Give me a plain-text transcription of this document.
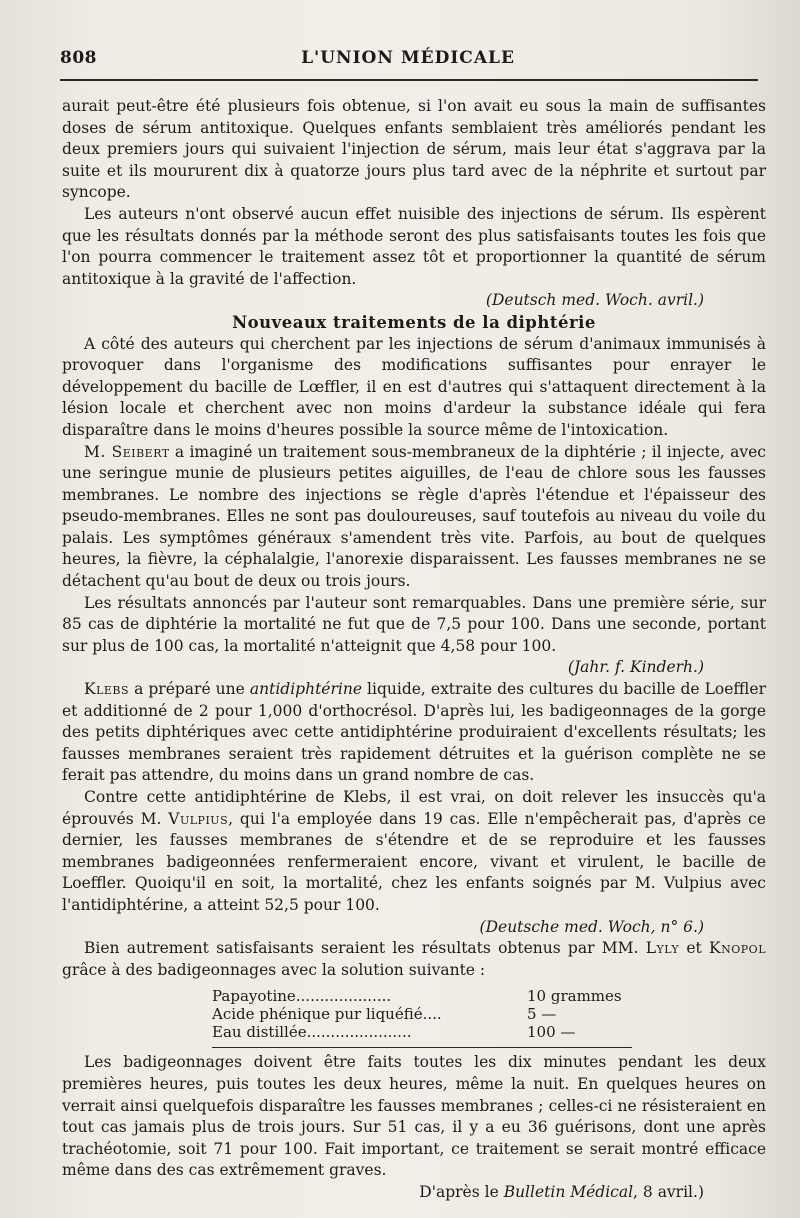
808	L'UNION MÉDICALE

aurait peut-être été plusieurs fois obtenue, si l'on avait eu sous la main de suffisantes doses de sérum antitoxique. Quelques enfants semblaient très améliorés pendant les deux premiers jours qui suivaient l'injection de sérum, mais leur état s'aggrava par la suite et ils moururent dix à quatorze jours plus tard avec de la néphrite et surtout par syncope.

Les auteurs n'ont observé aucun effet nuisible des injections de sérum. Ils espèrent que les résultats donnés par la méthode seront des plus satisfaisants toutes les fois que l'on pourra commencer le traitement assez tôt et proportionner la quantité de sérum antitoxique à la gravité de l'affection.

(Deutsch med. Woch. avril.)

Nouveaux traitements de la diphtérie

A côté des auteurs qui cherchent par les injections de sérum d'animaux immunisés à provoquer dans l'organisme des modifications suffisantes pour enrayer le développement du bacille de Lœffler, il en est d'autres qui s'attaquent directement à la lésion locale et cherchent avec non moins d'ardeur la substance idéale qui fera disparaître dans le moins d'heures possible la source même de l'intoxication.

M. Seibert a imaginé un traitement sous-membraneux de la diphtérie ; il injecte, avec une seringue munie de plusieurs petites aiguilles, de l'eau de chlore sous les fausses membranes. Le nombre des injections se règle d'après l'étendue et l'épaisseur des pseudo-membranes. Elles ne sont pas douloureuses, sauf toutefois au niveau du voile du palais. Les symptômes généraux s'amendent très vite. Parfois, au bout de quelques heures, la fièvre, la céphalalgie, l'anorexie disparaissent. Les fausses membranes ne se détachent qu'au bout de deux ou trois jours.

Les résultats annoncés par l'auteur sont remarquables. Dans une première série, sur 85 cas de diphtérie la mortalité ne fut que de 7,5 pour 100. Dans une seconde, portant sur plus de 100 cas, la mortalité n'atteignit que 4,58 pour 100.

(Jahr. f. Kinderh.)

Klebs a préparé une antidiphtérine liquide, extraite des cultures du bacille de Loeffler et additionné de 2 pour 1,000 d'orthocrésol. D'après lui, les badigeonnages de la gorge des petits diphtériques avec cette antidiphtérine produiraient d'excellents résultats; les fausses membranes seraient très rapidement détruites et la guérison complète ne se ferait pas attendre, du moins dans un grand nombre de cas.

Contre cette antidiphtérine de Klebs, il est vrai, on doit relever les insuccès qu'a éprouvés M. Vulpius, qui l'a employée dans 19 cas. Elle n'empêcherait pas, d'après ce dernier, les fausses membranes de s'étendre et de se reproduire et les fausses membranes badigeonnées renfermeraient encore, vivant et virulent, le bacille de Loeffler. Quoiqu'il en soit, la mortalité, chez les enfants soignés par M. Vulpius avec l'antidiphtérine, a atteint 52,5 pour 100.

(Deutsche med. Woch, n° 6.)

Bien autrement satisfaisants seraient les résultats obtenus par MM. Lyly et Knopol grâce à des badigeonnages avec la solution suivante :

Papayotine....................	10 grammes
Acide phénique pur liquéfié....	5 —
Eau distillée......................	100 —

Les badigeonnages doivent être faits toutes les dix minutes pendant les deux premières heures, puis toutes les deux heures, même la nuit. En quelques heures on verrait ainsi quelquefois disparaître les fausses membranes ; celles-ci ne résisteraient en tout cas jamais plus de trois jours. Sur 51 cas, il y a eu 36 guérisons, dont une après trachéotomie, soit 71 pour 100. Fait important, ce traitement se serait montré efficace même dans des cas extrêmement graves.

D'après le Bulletin Médical, 8 avril.)
